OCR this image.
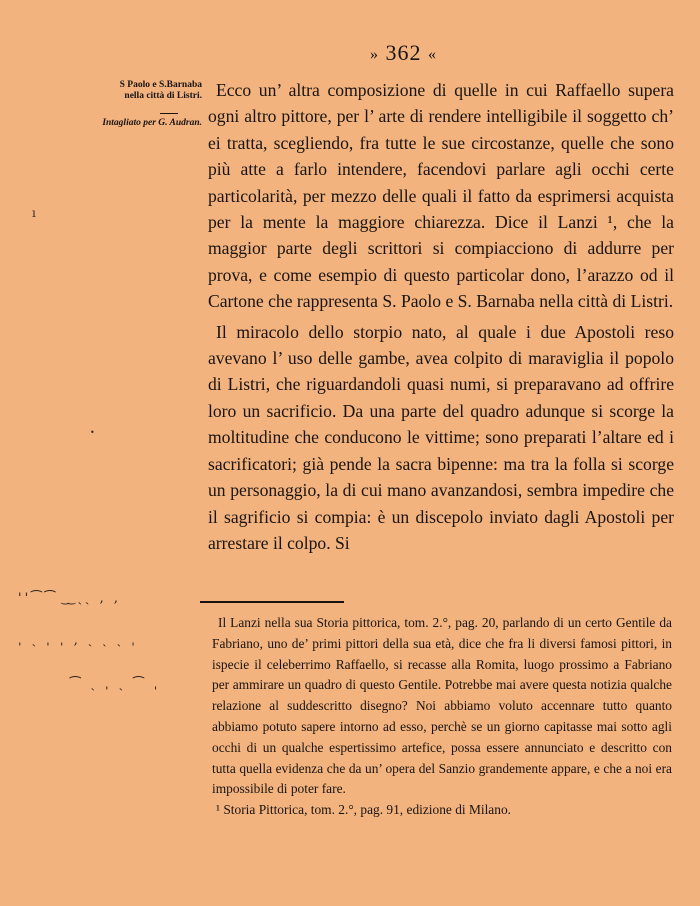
» 362 «
S Paolo e S.Barnaba nella città di Listri.
Intagliato per G. Audran.

Ecco un’ altra composizione di quelle in cui Raffaello supera ogni altro pittore, per l’ arte di rendere intelligibile il soggetto ch’ ei tratta, scegliendo, fra tutte le sue circostanze, quelle che sono più atte a farlo intendere, facendovi parlare agli occhi certe particolarità, per mezzo delle quali il fatto da esprimersi acquista per la mente la maggiore chiarezza. Dice il Lanzi ¹, che la maggior parte degli scrittori si compiacciono di addurre per prova, e come esempio di questo particolar dono, l’arazzo od il Cartone che rappresenta S. Paolo e S. Barnaba nella città di Listri.

Il miracolo dello storpio nato, al quale i due Apostoli reso avevano l’ uso delle gambe, avea colpito di maraviglia il popolo di Listri, che riguardandoli quasi numi, si preparavano ad offrire loro un sacrificio. Da una parte del quadro adunque si scorge la moltitudine che conducono le vittime; sono preparati l’altare ed i sacrificatori; già pende la sacra bipenne: ma tra la folla si scorge un personaggio, la di cui mano avanzandosi, sembra impedire che il sagrificio si compia: è un discepolo inviato dagli Apostoli per arrestare il colpo. Si

Il Lanzi nella sua Storia pittorica, tom. 2.°, pag. 20, parlando di un certo Gentile da Fabriano, uno de’ primi pittori della sua età, dice che fra li diversi famosi pittori, in ispecie il celeberrimo Raffaello, si recasse alla Romita, luogo prossimo a Fabriano per ammirare un quadro di questo Gentile. Potrebbe mai avere questa notizia qualche relazione al suddescritto disegno? Noi abbiamo voluto accennare tutto quanto abbiamo potuto sapere intorno ad esso, perchè se un giorno capitasse mai sotto agli occhi di un qualche espertissimo artefice, possa essere annunciato e descritto con tutta quella evidenza che da un’ opera del Sanzio grandemente appare, e che a noi era impossibile di poter fare.

¹ Storia Pittorica, tom. 2.°, pag. 91, edizione di Milano.

ı
•
ꞌꞌ⁀⁀ ͜ ͜ ˎˎ ‚ ‚
ˌ ˎ ˌ ˌ ‚ ˎ ˎ ˎ ˌ
⁀ ˎ ˌ ˎ ⁀ ˌ
